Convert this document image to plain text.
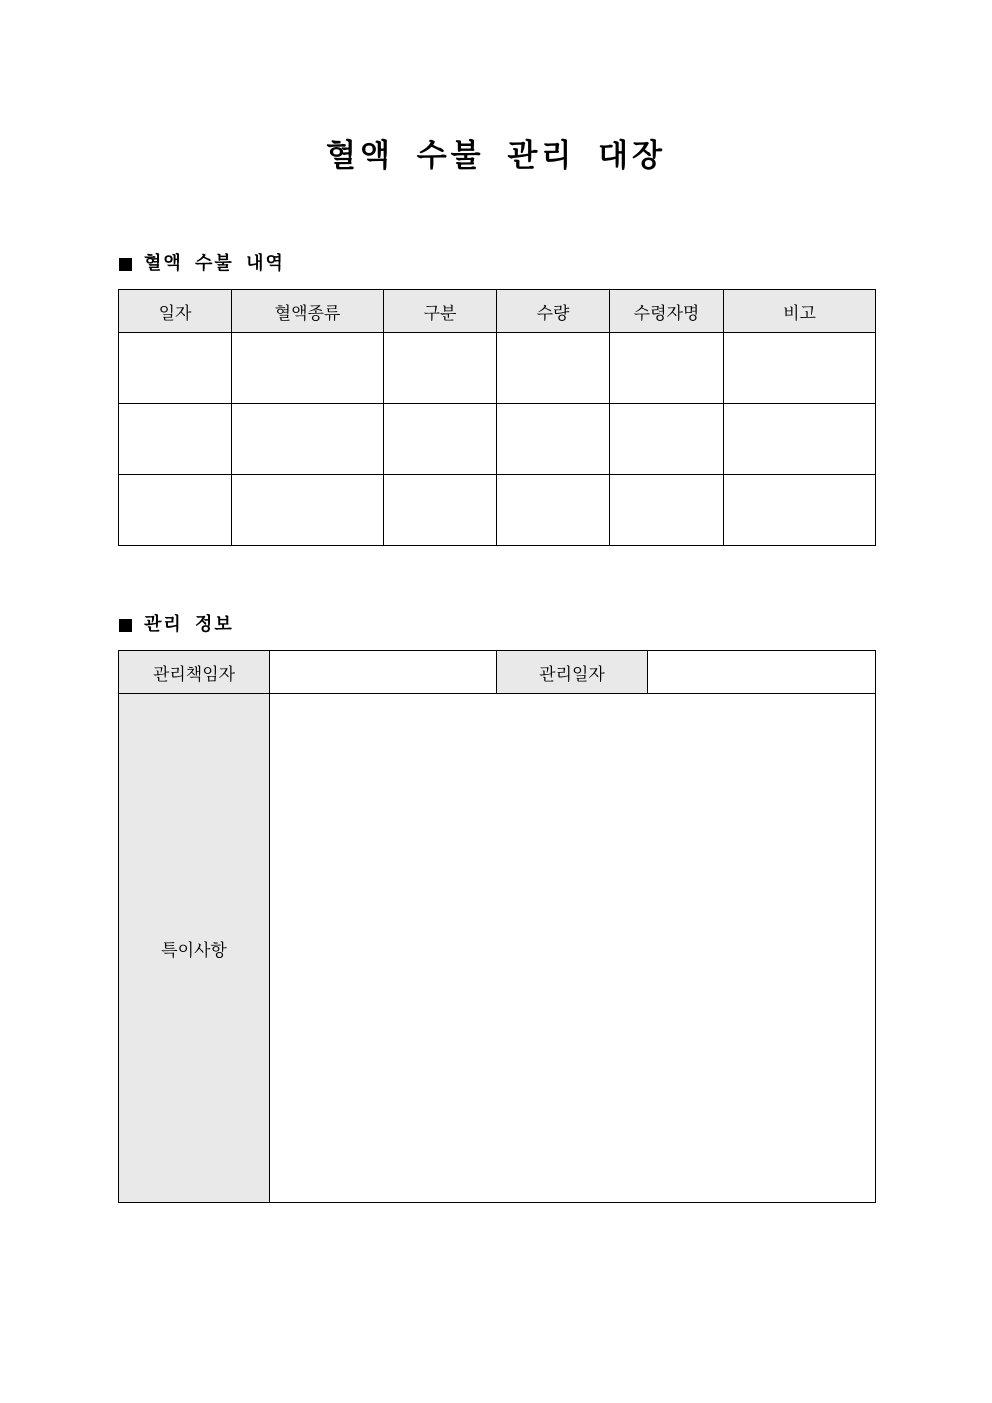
혈액 수불 관리 대장
혈액 수불 내역
일자	혈액종류	구분	수량	수령자명	비고

관리 정보
관리책임자		관리일자	
특이사항			
